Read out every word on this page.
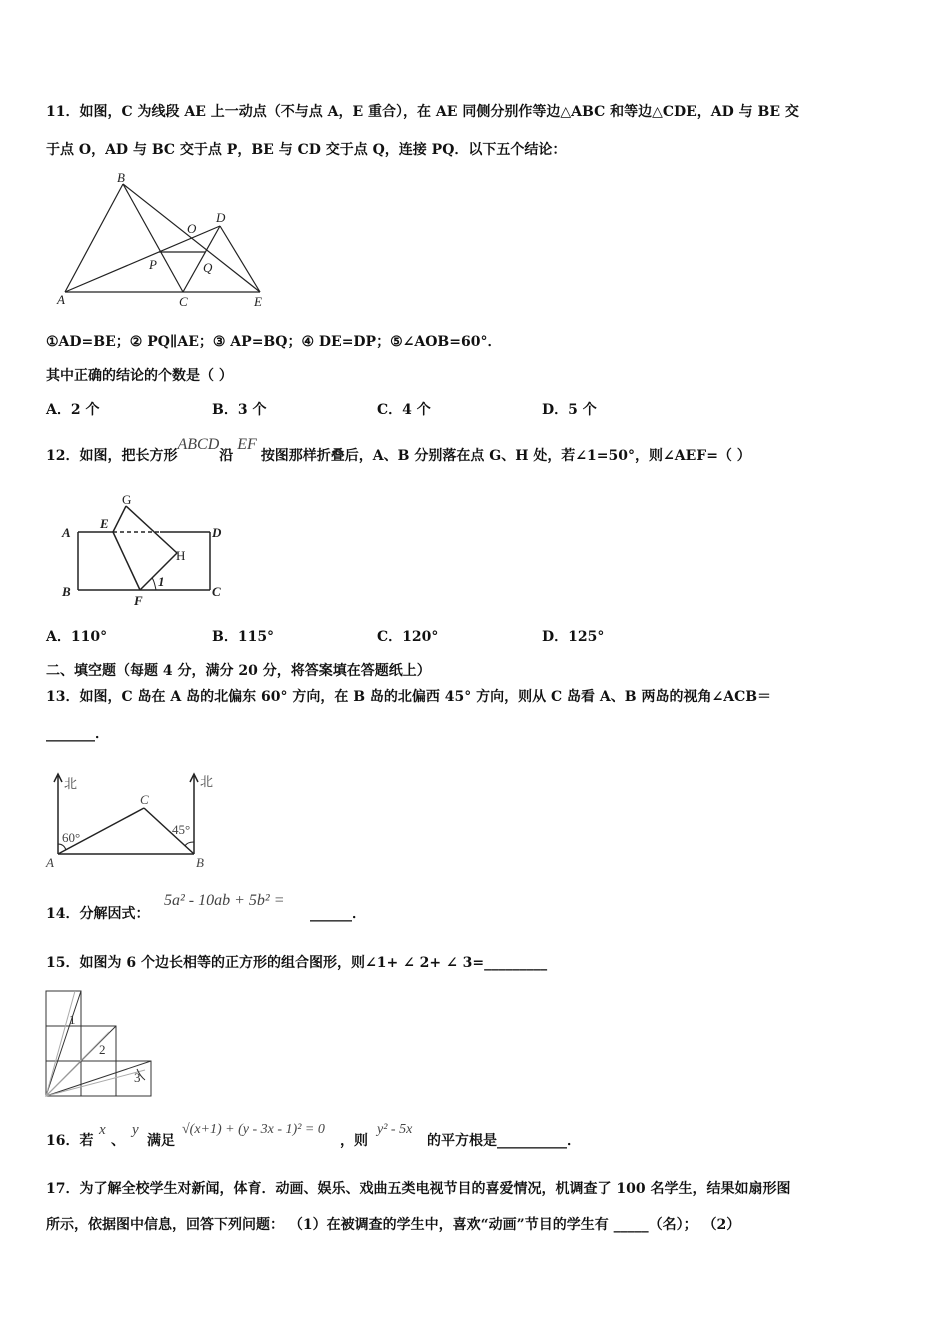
11．如图，C 为线段 AE 上一动点（不与点 A，E 重合），在 AE 同侧分别作等边△ABC 和等边△CDE，AD 与 BE 交
于点 O，AD 与 BC 交于点 P，BE 与 CD 交于点 Q，连接 PQ．以下五个结论：
A
B
C
D
E
O
P	Q
①AD=BE；② PQ∥AE；③ AP=BQ；④ DE=DP；⑤∠AOB=60°．
其中正确的结论的个数是（ ）
A．2 个	B．3 个	C．4 个	D．5 个
12．如图，把长方形ABCD沿EF按图那样折叠后，A、B 分别落在点 G、H 处，若∠1=50°，则∠AEF=（ ）
A
B	C
D
E
F
1
G
H
A．110°	B．115°	C．120°	D．125°
二、填空题（每题 4 分，满分 20 分，将答案填在答题纸上）
13．如图，C 岛在 A 岛的北偏东 60° 方向，在 B 岛的北偏西 45° 方向，则从 C 岛看 A、B 两岛的视角∠ACB＝
_______．
北	北
C
A	B
60°
45°
14．分解因式：
5a² - 10ab + 5b² =
______．
15．如图为 6 个边长相等的正方形的组合图形，则∠1+ ∠ 2+ ∠ 3=_________
1
2
3
16．若
x
、
y
满足
√(x+1) + (y - 3x - 1)² = 0
，则
y² - 5x
的平方根是__________．
17．为了解全校学生对新闻，体育．动画、娱乐、戏曲五类电视节目的喜爱情况，机调查了 100 名学生，结果如扇形图
所示，依据图中信息，回答下列问题： （1）在被调查的学生中，喜欢“动画”节目的学生有 _____（名）； （2）
